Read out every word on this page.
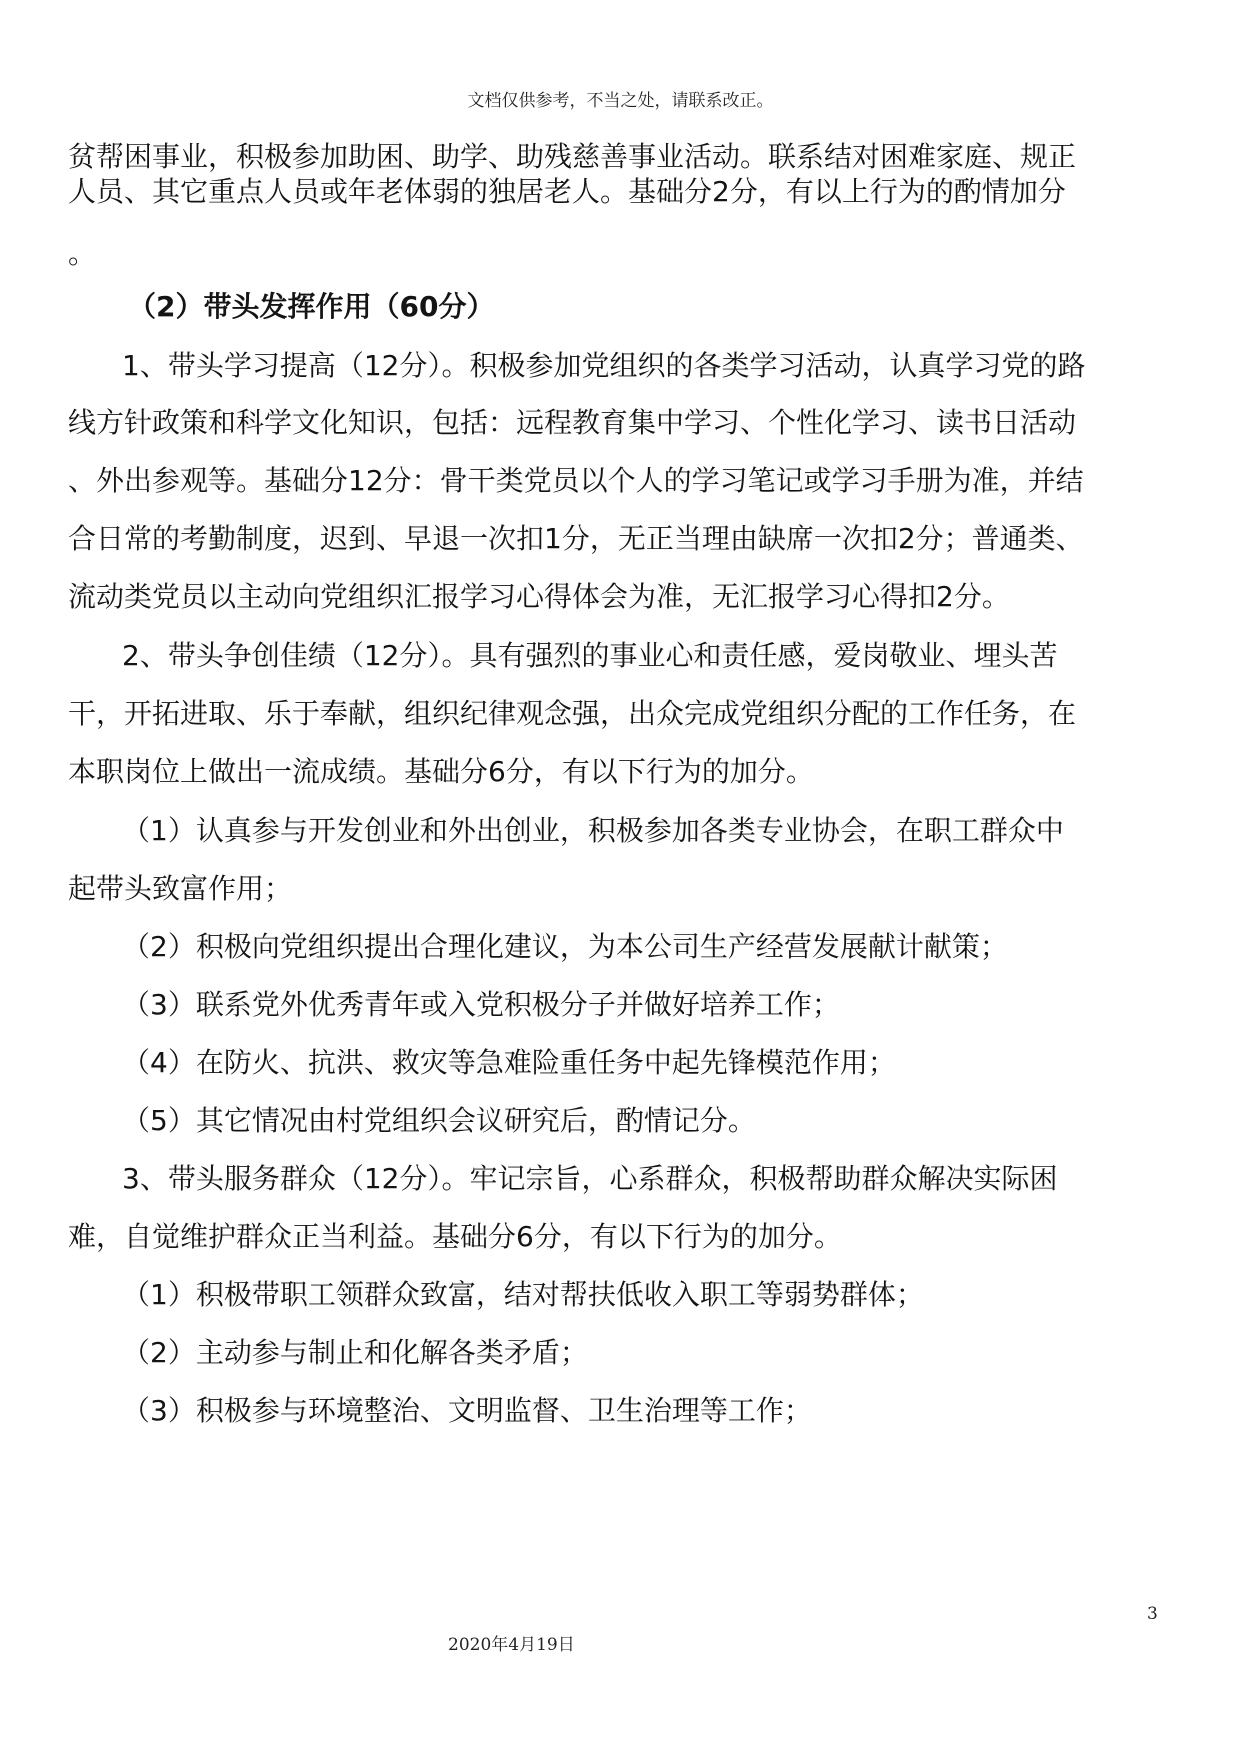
文档仅供参考，不当之处，请联系改正。
贫帮困事业，积极参加助困、助学、助残慈善事业活动。联系结对困难家庭、规正
人员、其它重点人员或年老体弱的独居老人。基础分2分，有以上行为的酌情加分
。
（2）带头发挥作用（60分）
1、带头学习提高（12分）。积极参加党组织的各类学习活动，认真学习党的路
线方针政策和科学文化知识，包括：远程教育集中学习、个性化学习、读书日活动
、外出参观等。基础分12分：骨干类党员以个人的学习笔记或学习手册为准，并结
合日常的考勤制度，迟到、早退一次扣1分，无正当理由缺席一次扣2分；普通类、
流动类党员以主动向党组织汇报学习心得体会为准，无汇报学习心得扣2分。
2、带头争创佳绩（12分）。具有强烈的事业心和责任感，爱岗敬业、埋头苦
干，开拓进取、乐于奉献，组织纪律观念强，出众完成党组织分配的工作任务，在
本职岗位上做出一流成绩。基础分6分，有以下行为的加分。
（1）认真参与开发创业和外出创业，积极参加各类专业协会，在职工群众中
起带头致富作用；
（2）积极向党组织提出合理化建议，为本公司生产经营发展献计献策；
（3）联系党外优秀青年或入党积极分子并做好培养工作；
（4）在防火、抗洪、救灾等急难险重任务中起先锋模范作用；
（5）其它情况由村党组织会议研究后，酌情记分。
3、带头服务群众（12分）。牢记宗旨，心系群众，积极帮助群众解决实际困
难，自觉维护群众正当利益。基础分6分，有以下行为的加分。
（1）积极带职工领群众致富，结对帮扶低收入职工等弱势群体；
（2）主动参与制止和化解各类矛盾；
（3）积极参与环境整治、文明监督、卫生治理等工作；
3
2020年4月19日
